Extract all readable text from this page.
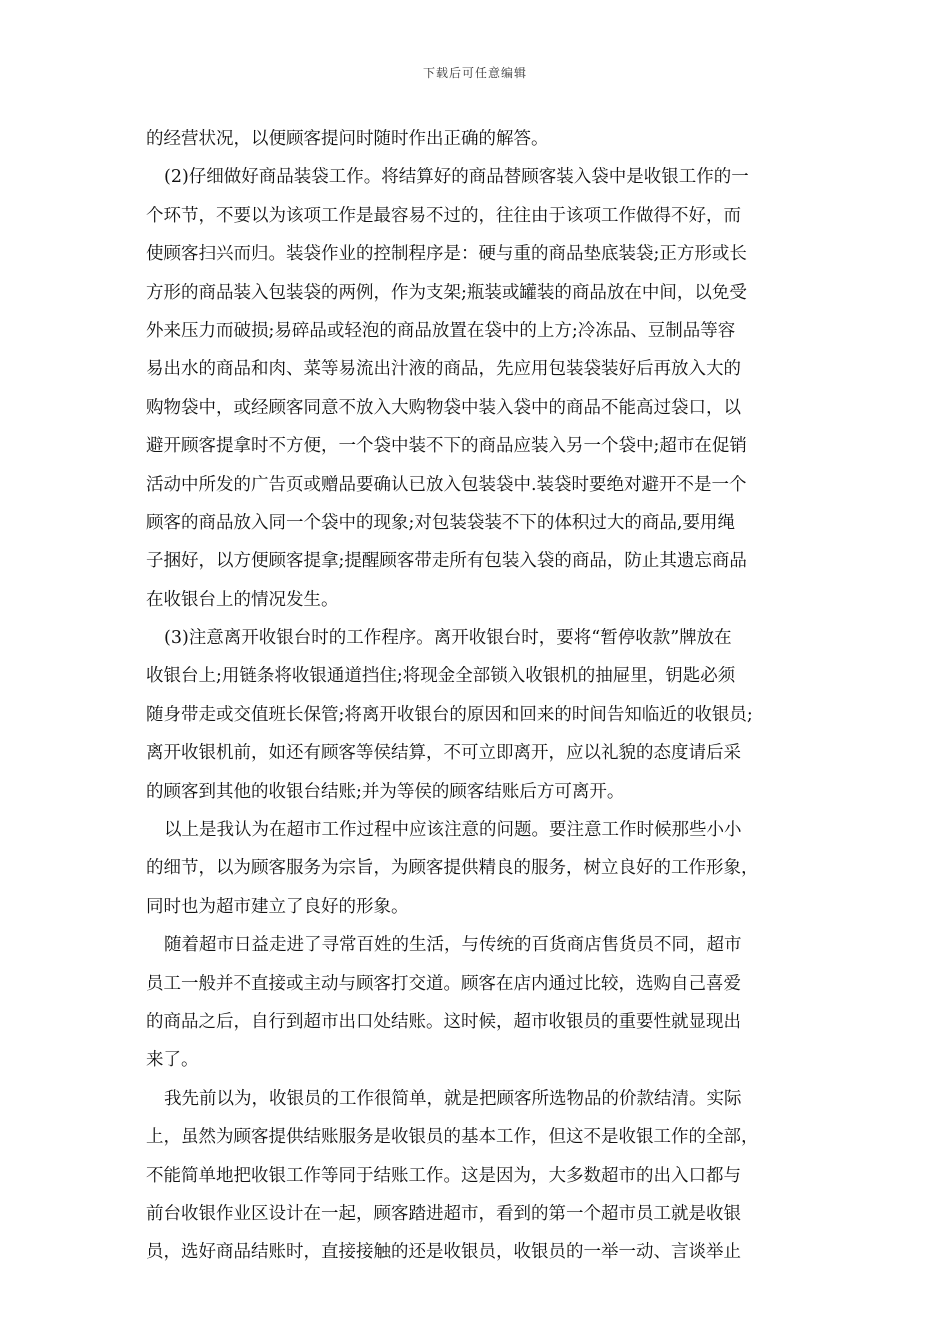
下载后可任意编辑
的经营状况，以便顾客提问时随时作出正确的解答。
(2)仔细做好商品装袋工作。将结算好的商品替顾客装入袋中是收银工作的一
个环节，不要以为该项工作是最容易不过的，往往由于该项工作做得不好，而
使顾客扫兴而归。装袋作业的控制程序是：硬与重的商品垫底装袋;正方形或长
方形的商品装入包装袋的两例，作为支架;瓶装或罐装的商品放在中间，以免受
外来压力而破损;易碎品或轻泡的商品放置在袋中的上方;冷冻品、豆制品等容
易出水的商品和肉、菜等易流出汁液的商品，先应用包装袋装好后再放入大的
购物袋中，或经顾客同意不放入大购物袋中装入袋中的商品不能高过袋口，以
避开顾客提拿时不方便，一个袋中装不下的商品应装入另一个袋中;超市在促销
活动中所发的广告页或赠品要确认已放入包装袋中.装袋时要绝对避开不是一个
顾客的商品放入同一个袋中的现象;对包装袋装不下的体积过大的商品,要用绳
子捆好，以方便顾客提拿;提醒顾客带走所有包装入袋的商品，防止其遗忘商品
在收银台上的情况发生。
(3)注意离开收银台时的工作程序。离开收银台时，要将“暂停收款”牌放在
收银台上;用链条将收银通道挡住;将现金全部锁入收银机的抽屉里，钥匙必须
随身带走或交值班长保管;将离开收银台的原因和回来的时间告知临近的收银员;
离开收银机前，如还有顾客等侯结算，不可立即离开，应以礼貌的态度请后采
的顾客到其他的收银台结账;并为等侯的顾客结账后方可离开。
以上是我认为在超市工作过程中应该注意的问题。要注意工作时候那些小小
的细节，以为顾客服务为宗旨，为顾客提供精良的服务，树立良好的工作形象，
同时也为超市建立了良好的形象。
随着超市日益走进了寻常百姓的生活，与传统的百货商店售货员不同，超市
员工一般并不直接或主动与顾客打交道。顾客在店内通过比较，选购自己喜爱
的商品之后，自行到超市出口处结账。这时候，超市收银员的重要性就显现出
来了。
我先前以为，收银员的工作很简单，就是把顾客所选物品的价款结清。实际
上，虽然为顾客提供结账服务是收银员的基本工作，但这不是收银工作的全部，
不能简单地把收银工作等同于结账工作。这是因为，大多数超市的出入口都与
前台收银作业区设计在一起，顾客踏进超市，看到的第一个超市员工就是收银
员，选好商品结账时，直接接触的还是收银员，收银员的一举一动、言谈举止
